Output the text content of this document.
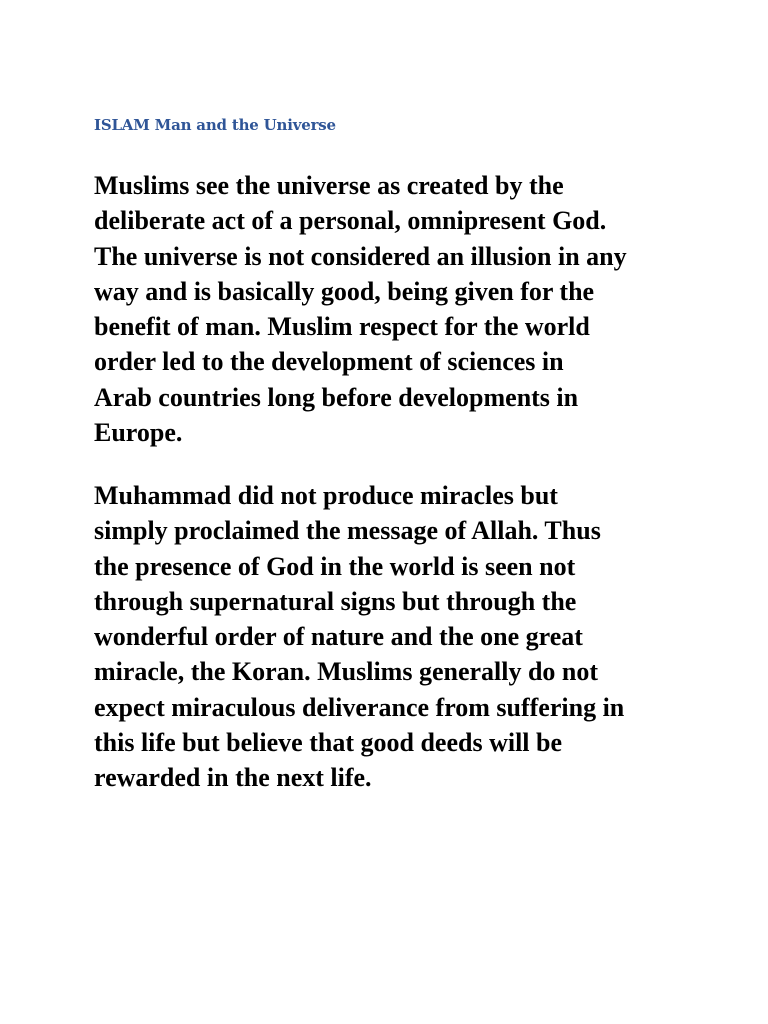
ISLAM Man and the Universe

Muslims see the universe as created by the
deliberate act of a personal, omnipresent God.
The universe is not considered an illusion in any
way and is basically good, being given for the
benefit of man. Muslim respect for the world
order led to the development of sciences in
Arab countries long before developments in
Europe.

Muhammad did not produce miracles but
simply proclaimed the message of Allah. Thus
the presence of God in the world is seen not
through supernatural signs but through the
wonderful order of nature and the one great
miracle, the Koran. Muslims generally do not
expect miraculous deliverance from suffering in
this life but believe that good deeds will be
rewarded in the next life.
